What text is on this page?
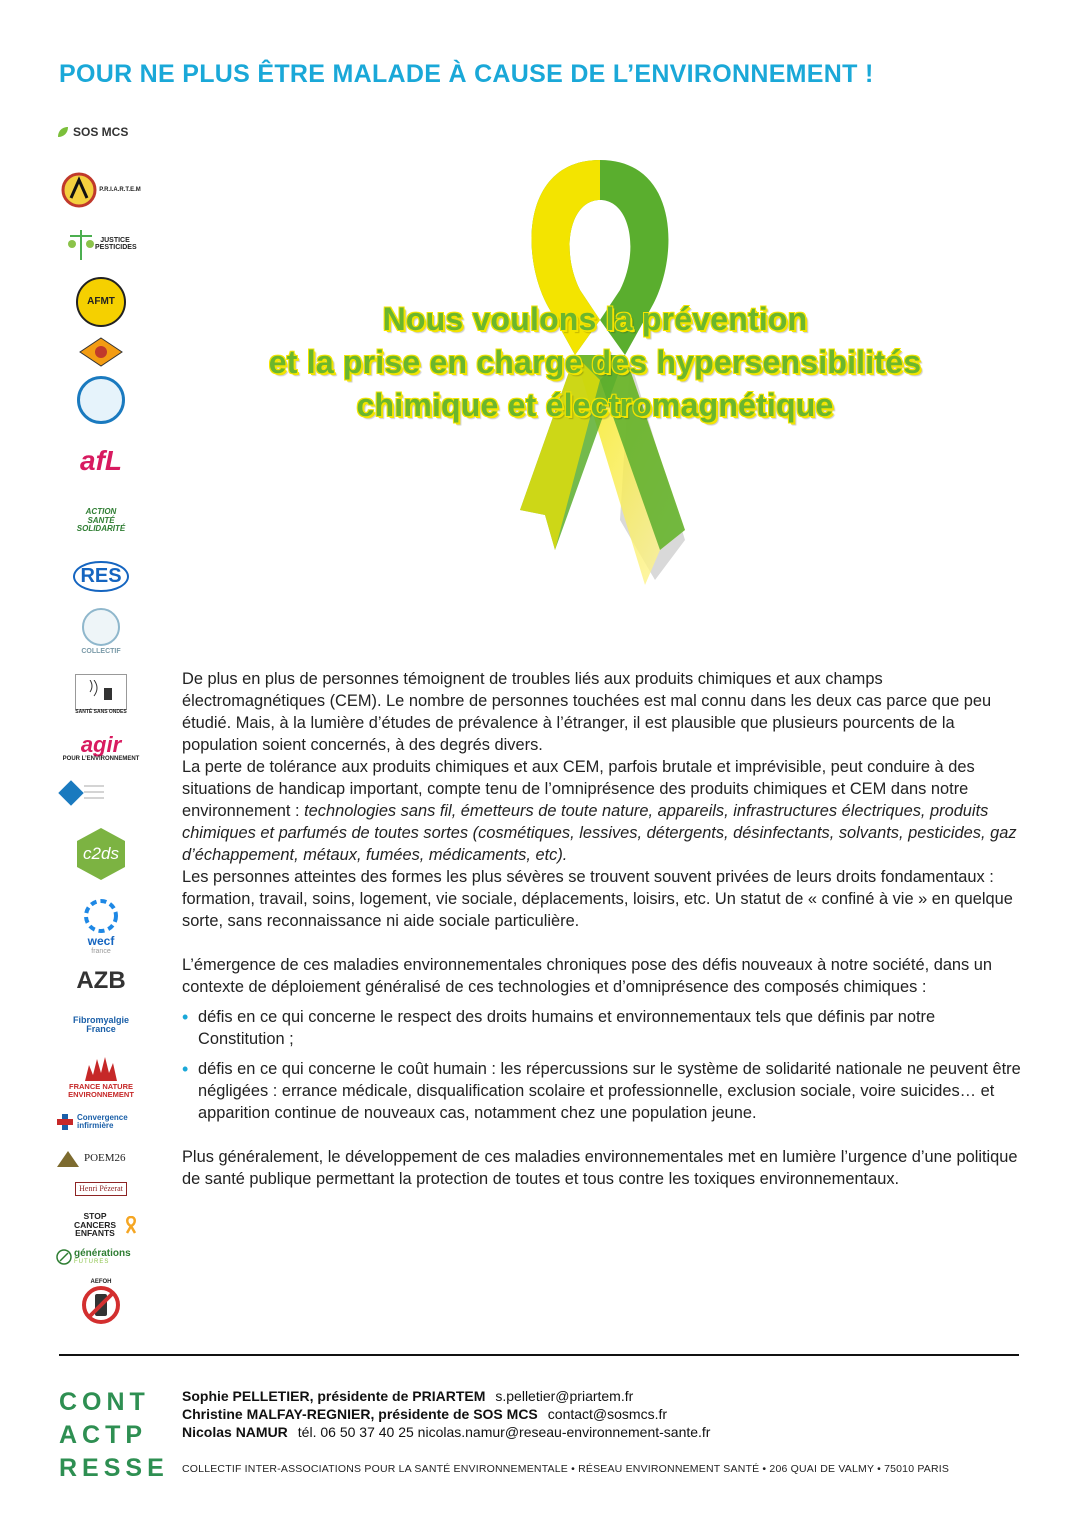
POUR NE PLUS ÊTRE MALADE À CAUSE DE L’ENVIRONNEMENT !
SOS MCS
P.R.I.A.R.T.E.M
JUSTICE PESTICIDES
AFMT
afL
ACTION SANTÉ SOLIDARITÉ
RES
COLLECTIF
SANTÉ SANS ONDES
agir
POUR L’ENVIRONNEMENT
c2ds
wecf
france
AZB
Fibromyalgie France
FRANCE NATURE ENVIRONNEMENT
Convergence infirmière
POEM26
Henri Pézerat
STOP CANCERS ENFANTS
générations
FUTURES
AEFOH
Nous voulons la prévention
et la prise en charge des hypersensibilités
chimique et électromagnétique

De plus en plus de personnes témoignent de troubles liés aux produits chimiques et aux champs électromagnétiques (CEM). Le nombre de personnes touchées est mal connu dans les deux cas parce que peu étudié. Mais, à la lumière d’études de prévalence à l’étranger, il est plausible que plusieurs pourcents de la population soient concernés, à des degrés divers.

La perte de tolérance aux produits chimiques et aux CEM, parfois brutale et imprévisible, peut conduire à des situations de handicap important, compte tenu de l’omniprésence des produits chimiques et CEM dans notre environnement : technologies sans fil, émetteurs de toute nature, appareils, infrastructures électriques, produits chimiques et parfumés de toutes sortes (cosmétiques, lessives, détergents, désinfectants, solvants, pesticides, gaz d’échappement, métaux, fumées, médicaments, etc).

Les personnes atteintes des formes les plus sévères se trouvent souvent privées de leurs droits fondamentaux : formation, travail, soins, logement, vie sociale, déplacements, loisirs, etc. Un statut de « confiné à vie » en quelque sorte, sans reconnaissance ni aide sociale particulière.

L’émergence de ces maladies environnementales chroniques pose des défis nouveaux à notre société, dans un contexte de déploiement généralisé de ces technologies et d’omniprésence des composés chimiques :

• défis en ce qui concerne le respect des droits humains et environnementaux tels que définis par notre Constitution ;
• défis en ce qui concerne le coût humain : les répercussions sur le système de solidarité nationale ne peuvent être négligées : errance médicale, disqualification scolaire et professionnelle, exclusion sociale, voire suicides… et apparition continue de nouveaux cas, notamment chez une population jeune.

Plus généralement, le développement de ces maladies environnementales met en lumière l’urgence d’une politique de santé publique permettant la protection de toutes et tous contre les toxiques environnementaux.

CONT
ACTP
RESSE
Sophie PELLETIER, présidente de PRIARTEM s.pelletier@priartem.fr
Christine MALFAY-REGNIER, présidente de SOS MCS contact@sosmcs.fr
Nicolas NAMUR tél. 06 50 37 40 25 nicolas.namur@reseau-environnement-sante.fr
COLLECTIF INTER-ASSOCIATIONS POUR LA SANTÉ ENVIRONNEMENTALE • RÉSEAU ENVIRONNEMENT SANTÉ • 206 QUAI DE VALMY • 75010 PARIS
